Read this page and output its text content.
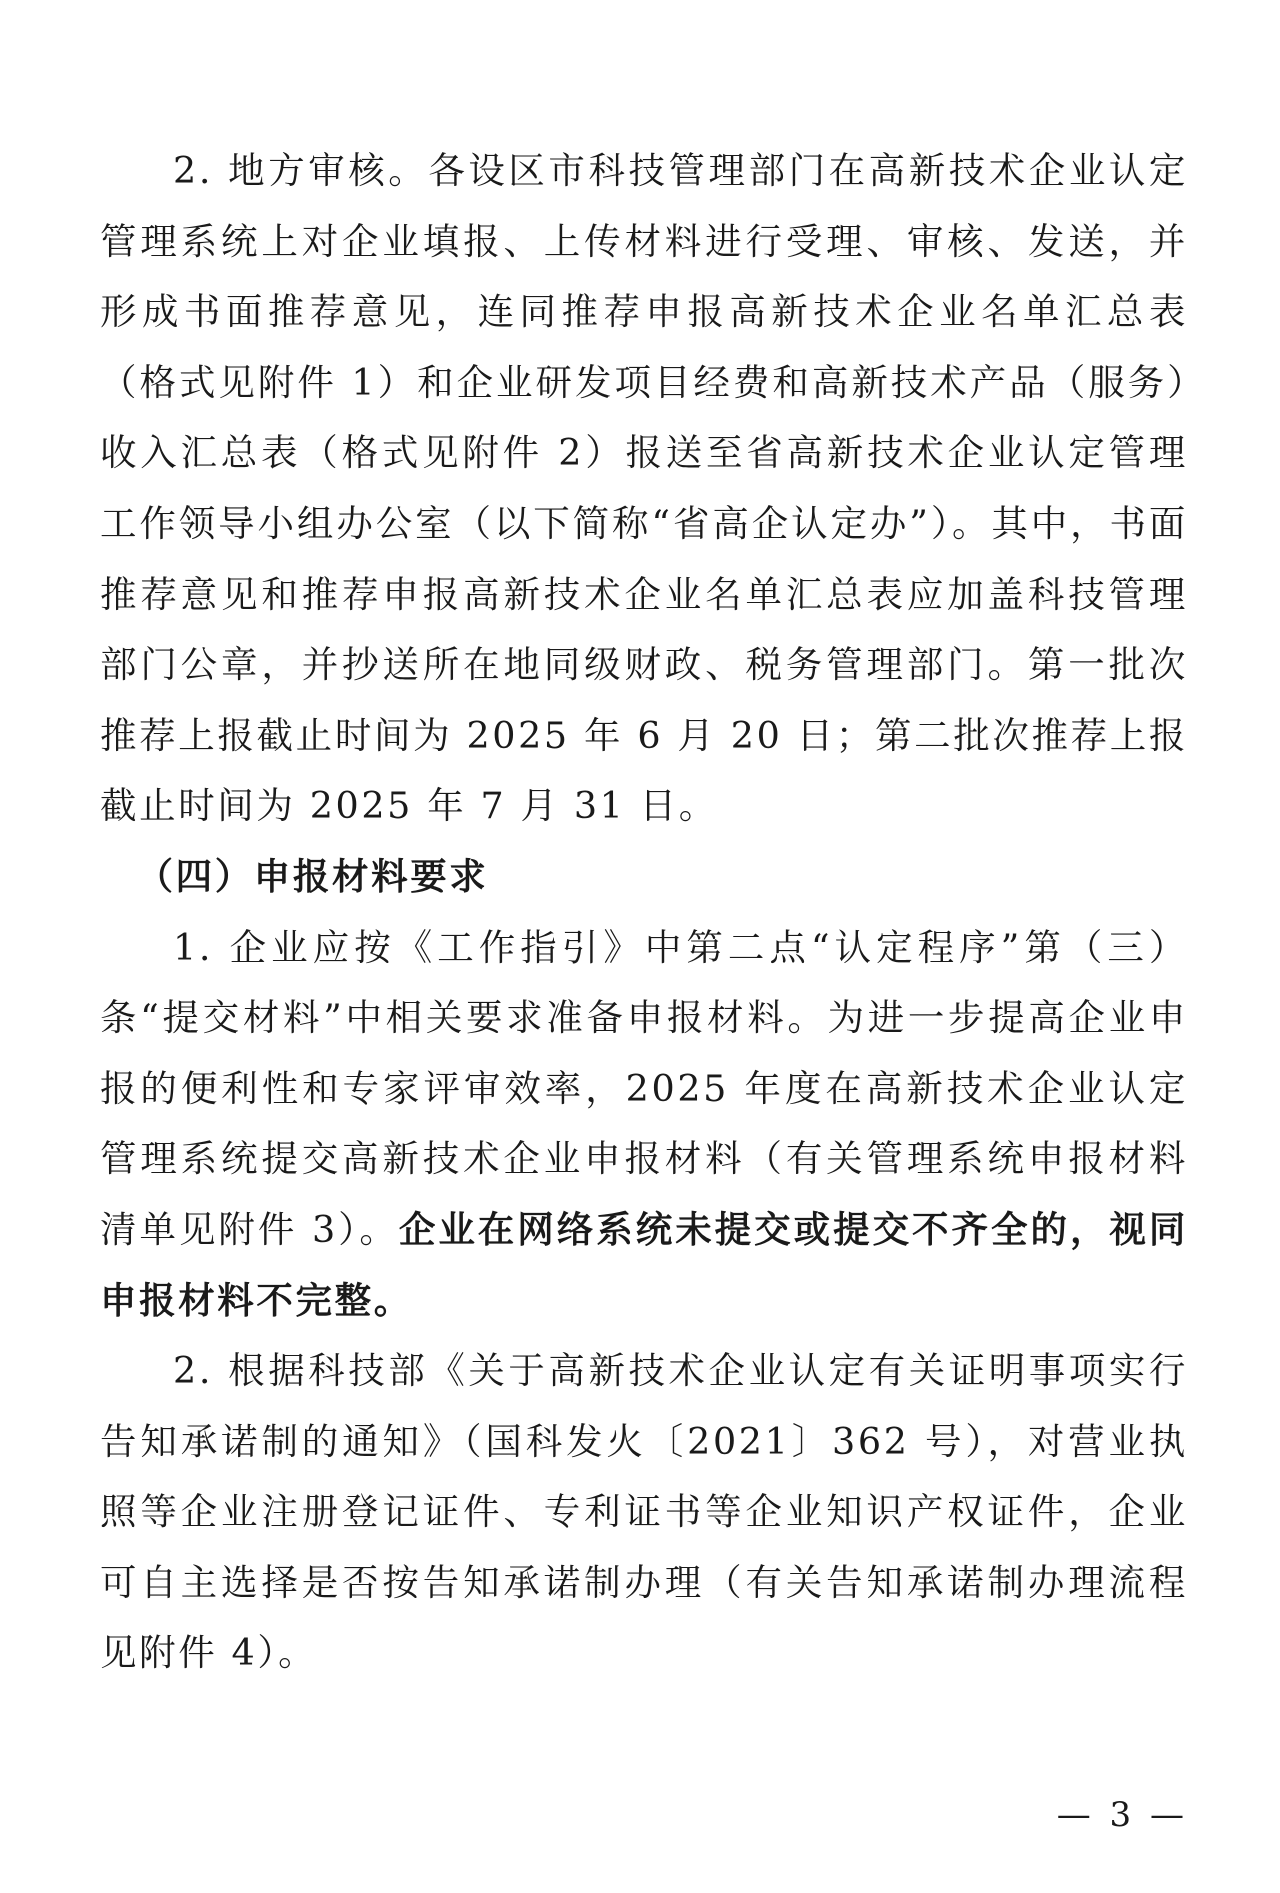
2. 地方审核。各设区市科技管理部门在高新技术企业认定管理系统上对企业填报、上传材料进行受理、审核、发送，并形成书面推荐意见，连同推荐申报高新技术企业名单汇总表（格式见附件 1）和企业研发项目经费和高新技术产品（服务）收入汇总表（格式见附件 2）报送至省高新技术企业认定管理工作领导小组办公室（以下简称“省高企认定办”）。其中，书面推荐意见和推荐申报高新技术企业名单汇总表应加盖科技管理部门公章，并抄送所在地同级财政、税务管理部门。第一批次推荐上报截止时间为 2025 年 6 月 20 日；第二批次推荐上报截止时间为 2025 年 7 月 31 日。

（四）申报材料要求

1. 企业应按《工作指引》中第二点“认定程序”第（三）条“提交材料”中相关要求准备申报材料。为进一步提高企业申报的便利性和专家评审效率，2025 年度在高新技术企业认定管理系统提交高新技术企业申报材料（有关管理系统申报材料清单见附件 3）。企业在网络系统未提交或提交不齐全的，视同申报材料不完整。

2. 根据科技部《关于高新技术企业认定有关证明事项实行告知承诺制的通知》（国科发火〔2021〕362 号），对营业执照等企业注册登记证件、专利证书等企业知识产权证件，企业可自主选择是否按告知承诺制办理（有关告知承诺制办理流程见附件 4）。

— 3 —
